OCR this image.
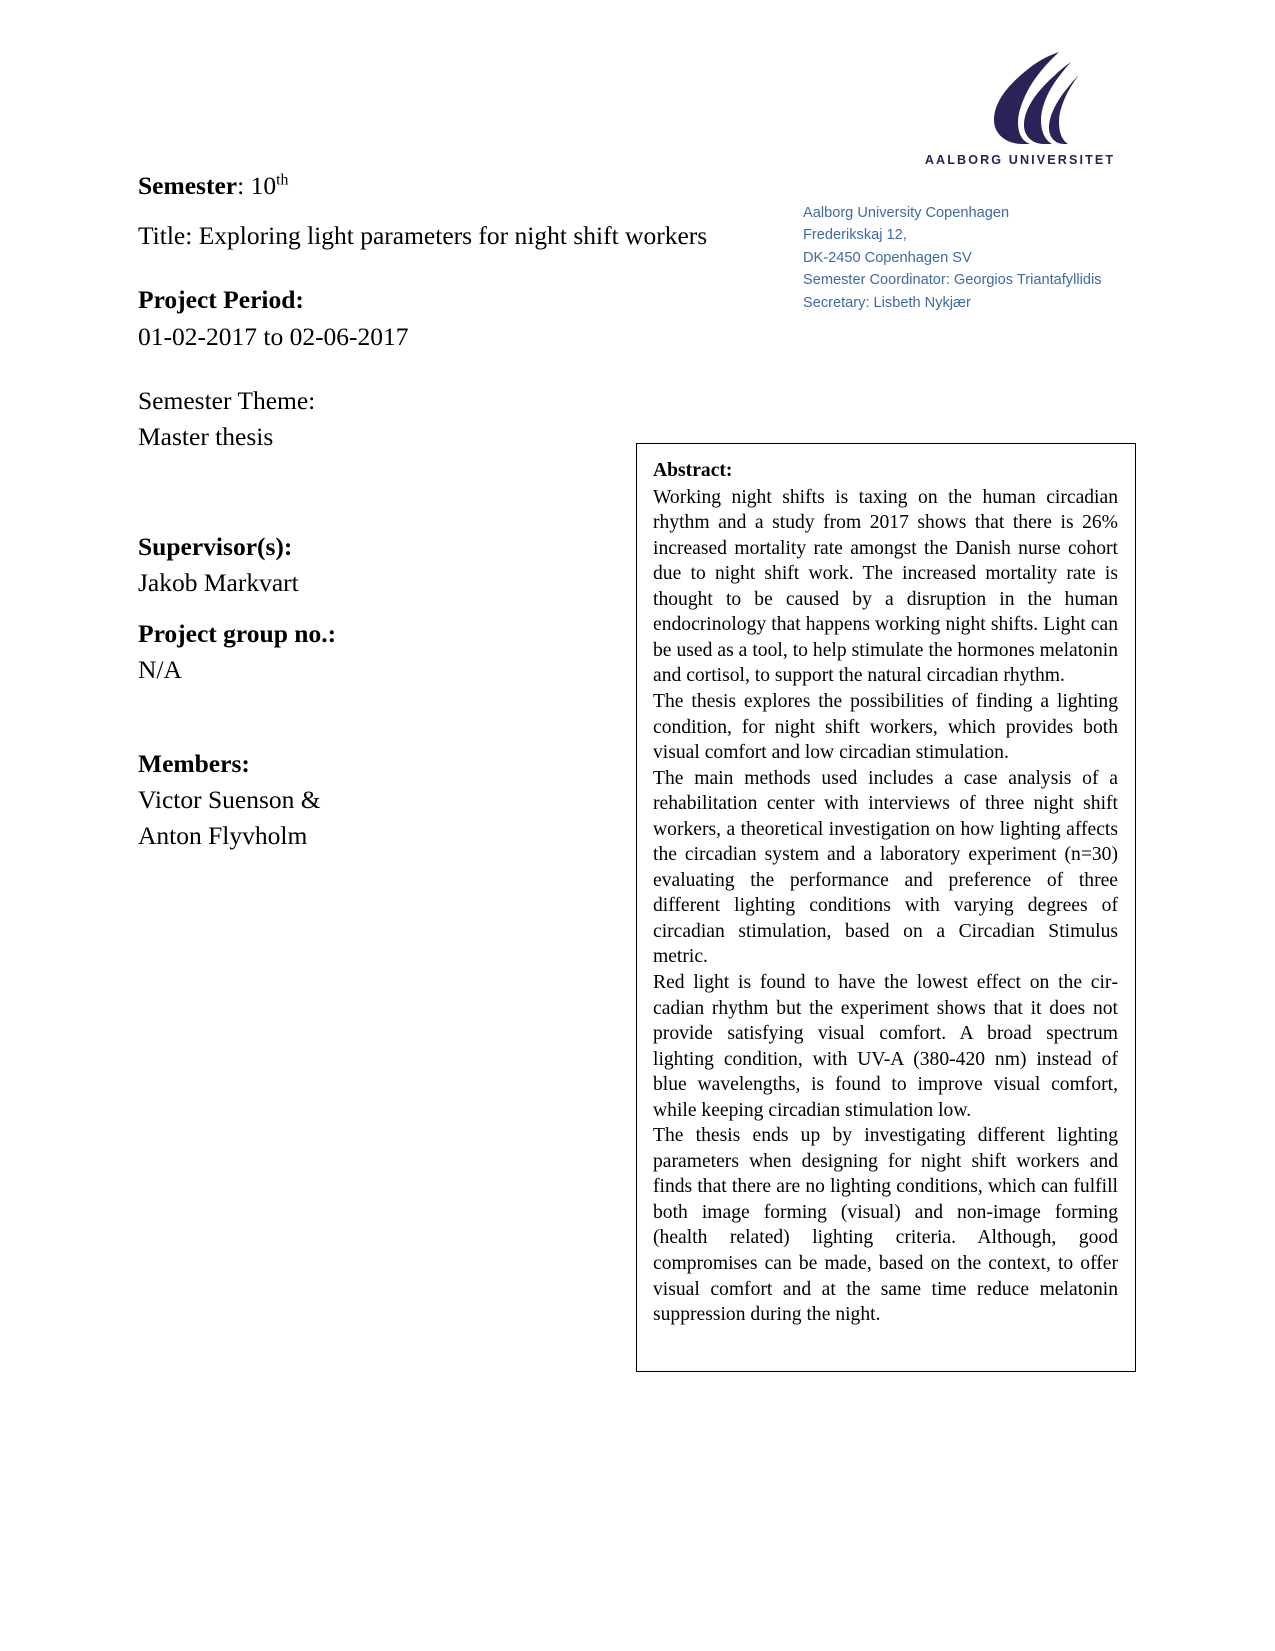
AALBORG UNIVERSITET
Aalborg University Copenhagen
Frederikskaj 12,
DK-2450 Copenhagen SV
Semester Coordinator: Georgios Triantafyllidis
Secretary: Lisbeth Nykjær
Semester: 10th
Title: Exploring light parameters for night shift workers
Project Period:
01-02-2017 to 02-06-2017
Semester Theme:
Master thesis
Supervisor(s):
Jakob Markvart
Project group no.:
N/A
Members:
Victor Suenson &
Anton Flyvholm
Abstract:

Working night shifts is taxing on the human circadian rhythm and a study from 2017 shows that there is 26% increased mortality rate amongst the Danish nurse cohort due to night shift work. The increased mortality rate is thought to be caused by a disruption in the human endocrinology that happens working night shifts. Light can be used as a tool, to help stimulate the hormones melatonin and cortisol, to support the natural circadian rhythm.

The thesis explores the possibilities of finding a lighting condition, for night shift workers, which provides both visual comfort and low circadian stimulation.

The main methods used includes a case analysis of a rehabilitation center with interviews of three night shift workers, a theoretical investigation on how lighting affects the circadian system and a laboratory experiment (n=30) evaluating the performance and preference of three different lighting conditions with varying degrees of circadian stimulation, based on a Circadian Stimulus metric.

Red light is found to have the lowest effect on the circadian rhythm but the experiment shows that it does not provide satisfying visual comfort. A broad spectrum lighting condition, with UV-A (380-420 nm) instead of blue wavelengths, is found to improve visual comfort, while keeping circadian stimulation low.

The thesis ends up by investigating different lighting parameters when designing for night shift workers and finds that there are no lighting conditions, which can fulfill both image forming (visual) and non-image forming (health related) lighting criteria. Although, good compromises can be made, based on the context, to offer visual comfort and at the same time reduce melatonin suppression during the night.
